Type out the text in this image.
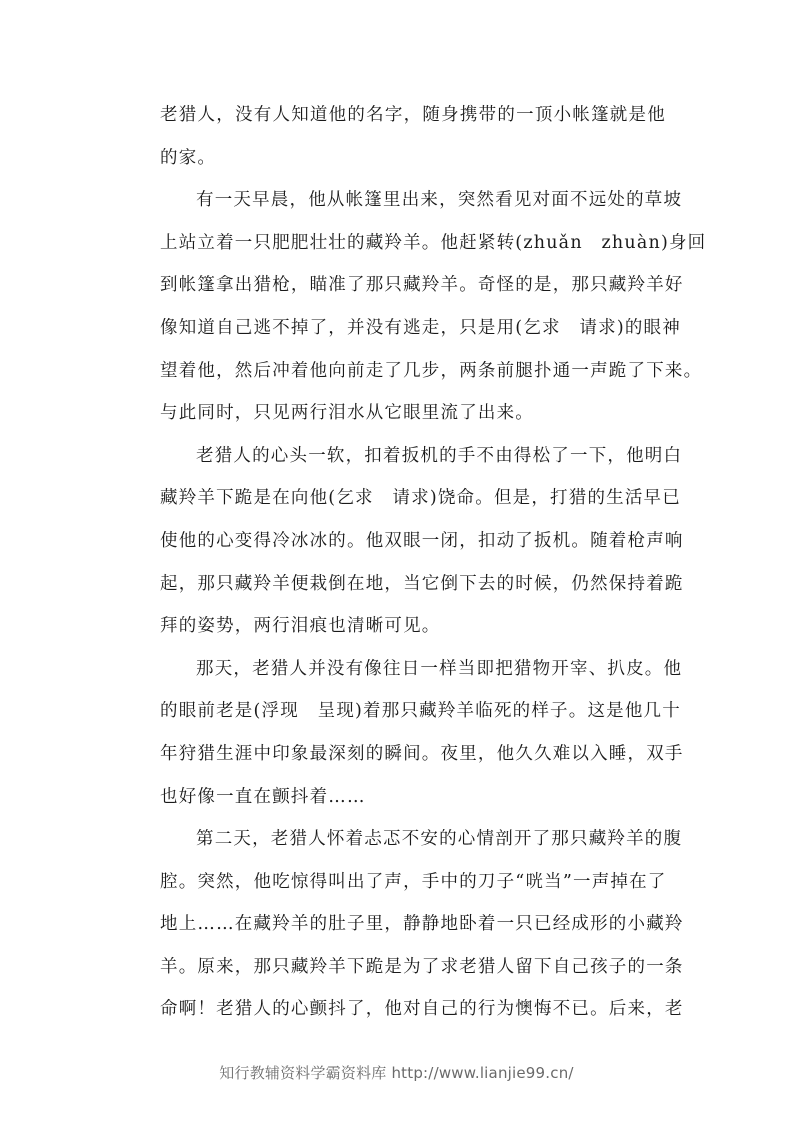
老猎人，没有人知道他的名字，随身携带的一顶小帐篷就是他
的家。
有一天早晨，他从帐篷里出来，突然看见对面不远处的草坡
上站立着一只肥肥壮壮的藏羚羊。他赶紧转(zhuǎn　zhuàn)身回
到帐篷拿出猎枪，瞄准了那只藏羚羊。奇怪的是，那只藏羚羊好
像知道自己逃不掉了，并没有逃走，只是用(乞求　请求)的眼神
望着他，然后冲着他向前走了几步，两条前腿扑通一声跪了下来。
与此同时，只见两行泪水从它眼里流了出来。
老猎人的心头一软，扣着扳机的手不由得松了一下，他明白
藏羚羊下跪是在向他(乞求　请求)饶命。但是，打猎的生活早已
使他的心变得冷冰冰的。他双眼一闭，扣动了扳机。随着枪声响
起，那只藏羚羊便栽倒在地，当它倒下去的时候，仍然保持着跪
拜的姿势，两行泪痕也清晰可见。
那天，老猎人并没有像往日一样当即把猎物开宰、扒皮。他
的眼前老是(浮现　呈现)着那只藏羚羊临死的样子。这是他几十
年狩猎生涯中印象最深刻的瞬间。夜里，他久久难以入睡，双手
也好像一直在颤抖着……
第二天，老猎人怀着忐忑不安的心情剖开了那只藏羚羊的腹
腔。突然，他吃惊得叫出了声，手中的刀子“咣当”一声掉在了
地上……在藏羚羊的肚子里，静静地卧着一只已经成形的小藏羚
羊。原来，那只藏羚羊下跪是为了求老猎人留下自己孩子的一条
命啊！老猎人的心颤抖了，他对自己的行为懊悔不已。后来，老
知行教辅资料学霸资料库 http://www.lianjie99.cn/
